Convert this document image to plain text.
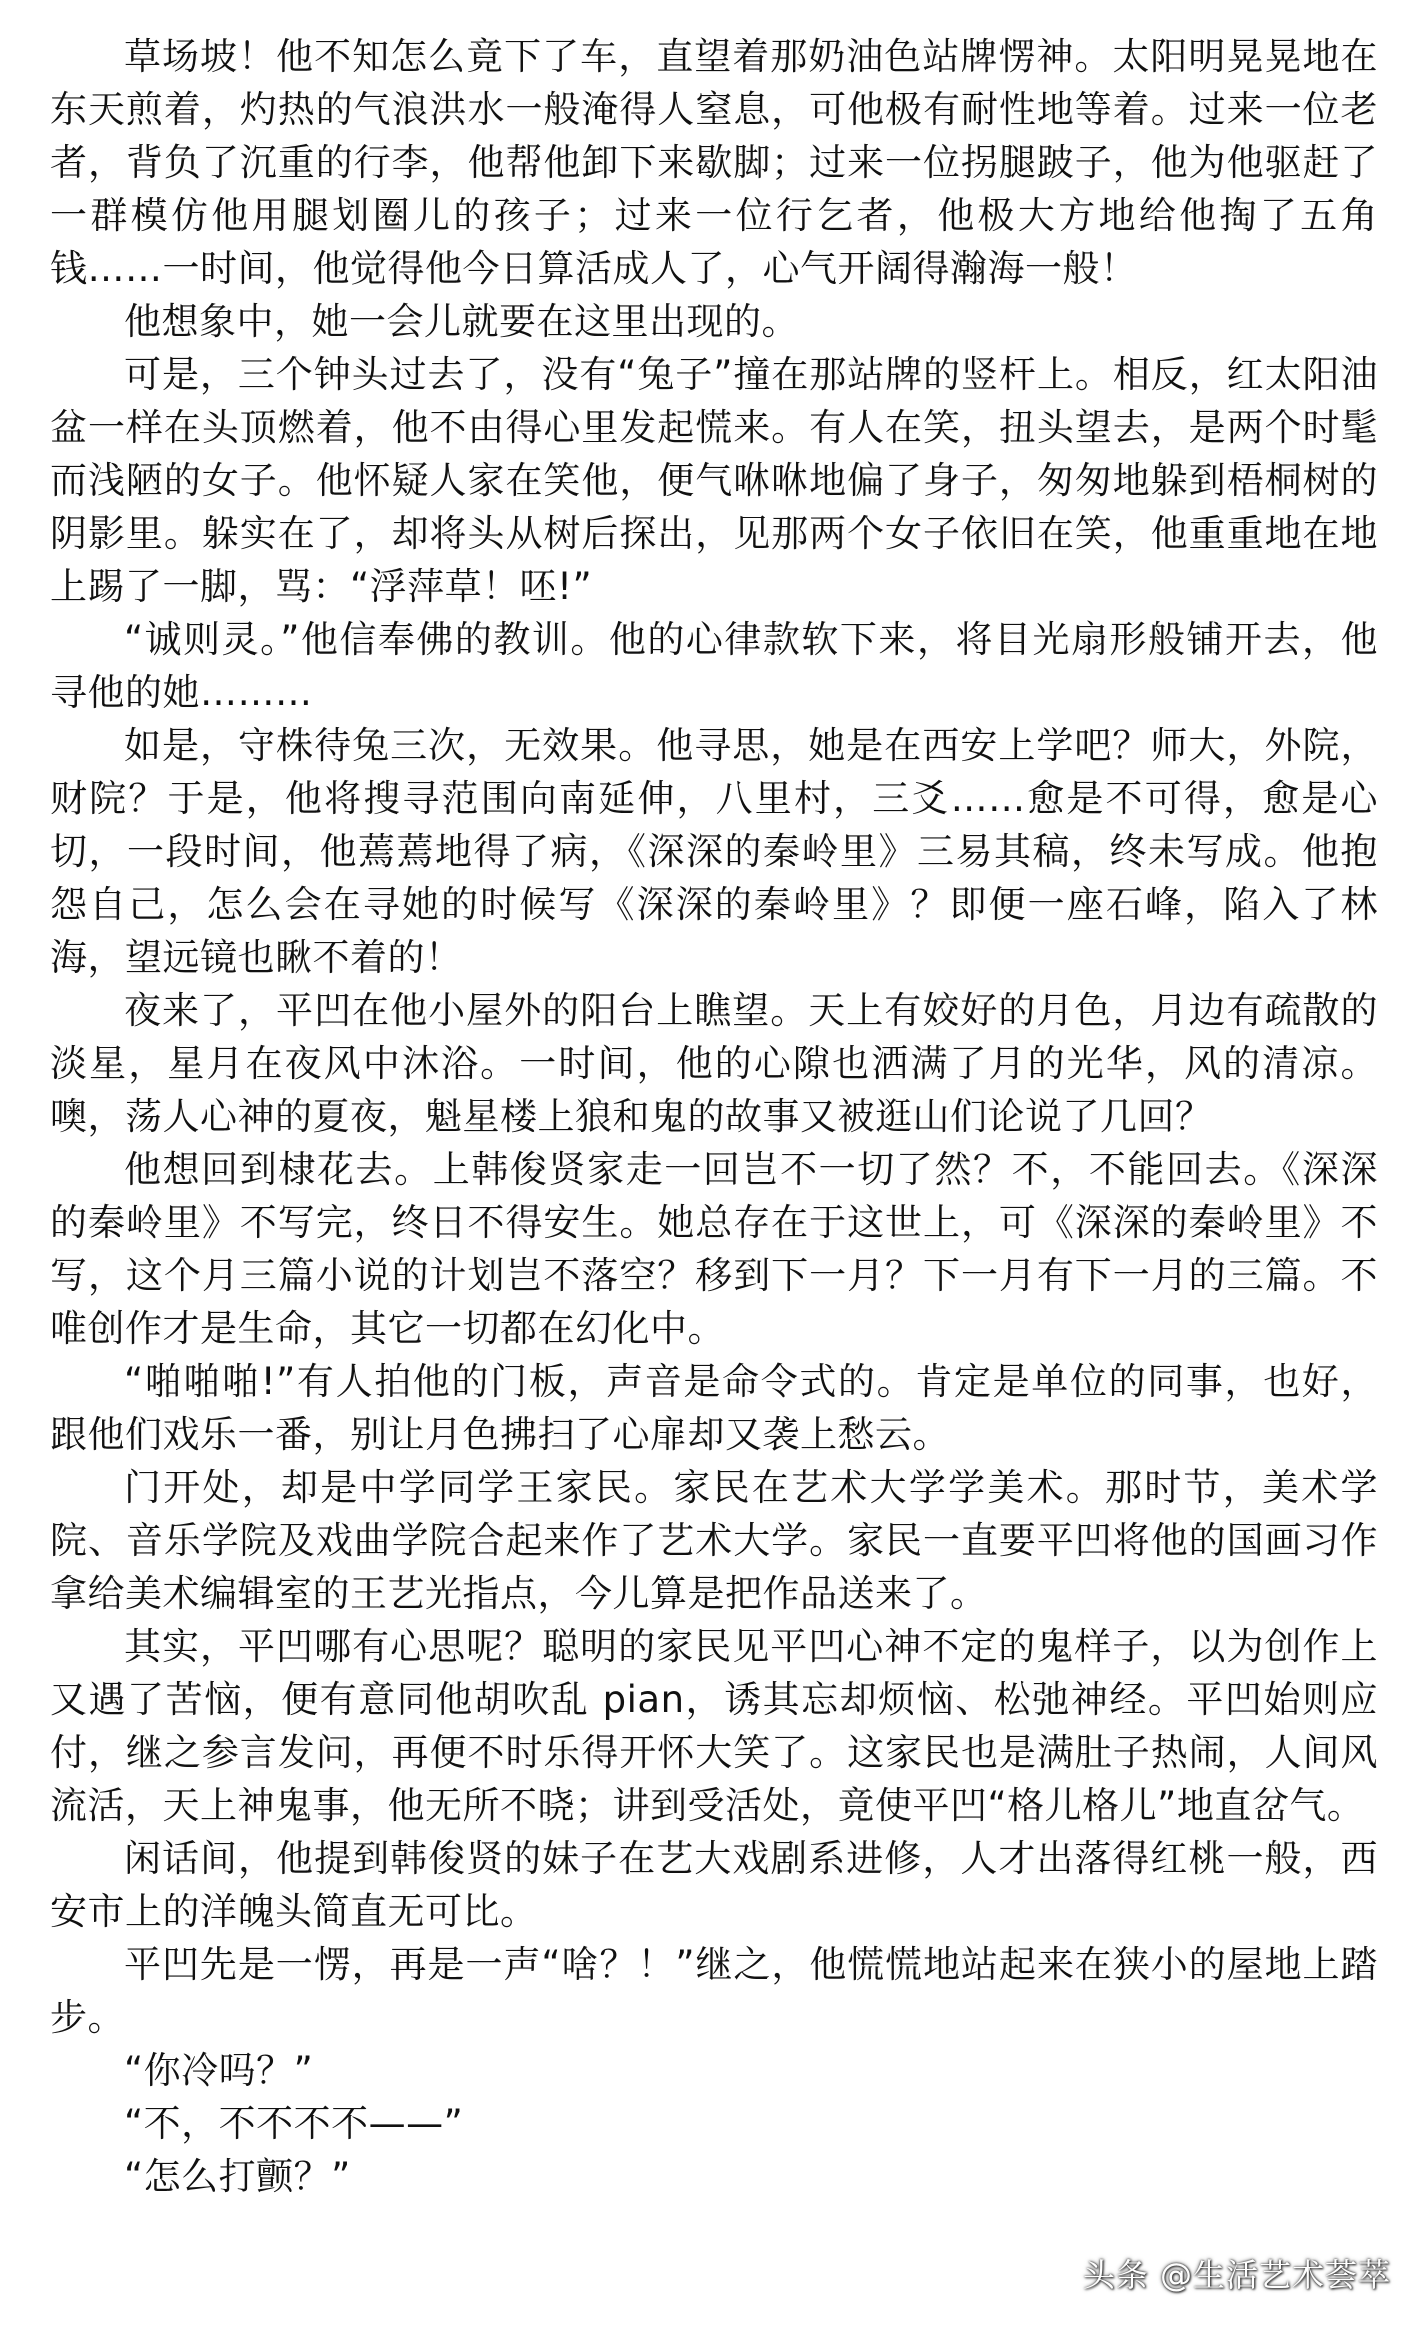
草场坡！他不知怎么竟下了车，直望着那奶油色站牌愣神。太阳明晃晃地在东天煎着，灼热的气浪洪水一般淹得人窒息，可他极有耐性地等着。过来一位老者，背负了沉重的行李，他帮他卸下来歇脚；过来一位拐腿跛子，他为他驱赶了一群模仿他用腿划圈儿的孩子；过来一位行乞者，他极大方地给他掏了五角钱……一时间，他觉得他今日算活成人了，心气开阔得瀚海一般！

他想象中，她一会儿就要在这里出现的。

可是，三个钟头过去了，没有“兔子”撞在那站牌的竖杆上。相反，红太阳油盆一样在头顶燃着，他不由得心里发起慌来。有人在笑，扭头望去，是两个时髦而浅陋的女子。他怀疑人家在笑他，便气咻咻地偏了身子，匆匆地躲到梧桐树的阴影里。躲实在了，却将头从树后探出，见那两个女子依旧在笑，他重重地在地上踢了一脚，骂：“浮萍草！呸!”

“诚则灵。”他信奉佛的教训。他的心律款软下来，将目光扇形般铺开去，他寻他的她………

如是，守株待兔三次，无效果。他寻思，她是在西安上学吧？师大，外院，财院？于是，他将搜寻范围向南延伸，八里村，三爻……愈是不可得，愈是心切，一段时间，他蔫蔫地得了病，《深深的秦岭里》三易其稿，终未写成。他抱怨自己，怎么会在寻她的时候写《深深的秦岭里》？即便一座石峰，陷入了林海，望远镜也瞅不着的！

夜来了，平凹在他小屋外的阳台上瞧望。天上有姣好的月色，月边有疏散的淡星，星月在夜风中沐浴。一时间，他的心隙也洒满了月的光华，风的清凉。噢，荡人心神的夏夜，魁星楼上狼和鬼的故事又被逛山们论说了几回？

他想回到棣花去。上韩俊贤家走一回岂不一切了然？不，不能回去。《深深的秦岭里》不写完，终日不得安生。她总存在于这世上，可《深深的秦岭里》不写，这个月三篇小说的计划岂不落空？移到下一月？下一月有下一月的三篇。不唯创作才是生命，其它一切都在幻化中。

“啪啪啪!”有人拍他的门板，声音是命令式的。肯定是单位的同事，也好，跟他们戏乐一番，别让月色拂扫了心扉却又袭上愁云。

门开处，却是中学同学王家民。家民在艺术大学学美术。那时节，美术学院、音乐学院及戏曲学院合起来作了艺术大学。家民一直要平凹将他的国画习作拿给美术编辑室的王艺光指点，今儿算是把作品送来了。

其实，平凹哪有心思呢？聪明的家民见平凹心神不定的鬼样子，以为创作上又遇了苦恼，便有意同他胡吹乱 pian，诱其忘却烦恼、松弛神经。平凹始则应付，继之参言发问，再便不时乐得开怀大笑了。这家民也是满肚子热闹，人间风流活，天上神鬼事，他无所不晓；讲到受活处，竟使平凹“格儿格儿”地直岔气。

闲话间，他提到韩俊贤的妹子在艺大戏剧系进修，人才出落得红桃一般，西安市上的洋魄头简直无可比。

平凹先是一愣，再是一声“啥？！”继之，他慌慌地站起来在狭小的屋地上踏步。

“你冷吗？”

“不，不不不不——”

“怎么打颤？”

头条 @生活艺术荟萃
